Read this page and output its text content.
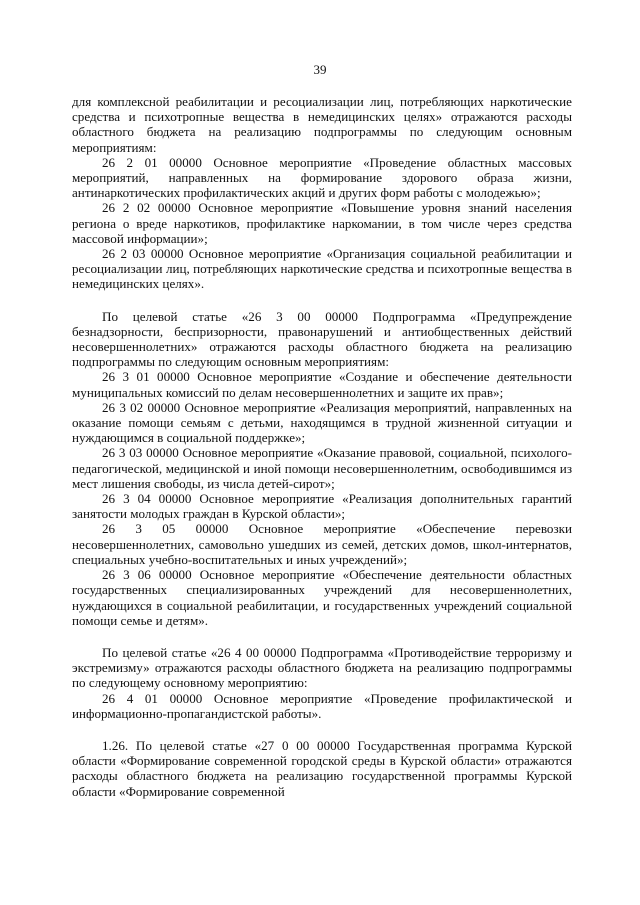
39

для комплексной реабилитации и ресоциализации лиц, потребляющих наркотические средства и психотропные вещества в немедицинских целях» отражаются расходы областного бюджета на реализацию подпрограммы по следующим основным мероприятиям:

26 2 01 00000 Основное мероприятие «Проведение областных массовых мероприятий, направленных на формирование здорового образа жизни, антинаркотических профилактических акций и других форм работы с молодежью»;

26 2 02 00000 Основное мероприятие «Повышение уровня знаний населения региона о вреде наркотиков, профилактике наркомании, в том числе через средства массовой информации»;

26 2 03 00000 Основное мероприятие «Организация социальной реабилитации и ресоциализации лиц, потребляющих наркотические средства и психотропные вещества в немедицинских целях».

По целевой статье «26 3 00 00000 Подпрограмма «Предупреждение безнадзорности, беспризорности, правонарушений и антиобщественных действий несовершеннолетних» отражаются расходы областного бюджета на реализацию подпрограммы по следующим основным мероприятиям:

26 3 01 00000 Основное мероприятие «Создание и обеспечение деятельности муниципальных комиссий по делам несовершеннолетних и защите их прав»;

26 3 02 00000 Основное мероприятие «Реализация мероприятий, направленных на оказание помощи семьям с детьми, находящимся в трудной жизненной ситуации и нуждающимся в социальной поддержке»;

26 3 03 00000 Основное мероприятие «Оказание правовой, социальной, психолого-педагогической, медицинской и иной помощи несовершеннолетним, освободившимся из мест лишения свободы, из числа детей-сирот»;

26 3 04 00000 Основное мероприятие «Реализация дополнительных гарантий занятости молодых граждан в Курской области»;

26 3 05 00000 Основное мероприятие «Обеспечение перевозки несовершеннолетних, самовольно ушедших из семей, детских домов, школ-интернатов, специальных учебно-воспитательных и иных учреждений»;

26 3 06 00000 Основное мероприятие «Обеспечение деятельности областных государственных специализированных учреждений для несовершеннолетних, нуждающихся в социальной реабилитации, и государственных учреждений социальной помощи семье и детям».

По целевой статье «26 4 00 00000 Подпрограмма «Противодействие терроризму и экстремизму» отражаются расходы областного бюджета на реализацию подпрограммы по следующему основному мероприятию:

26 4 01 00000 Основное мероприятие «Проведение профилактической и информационно-пропагандистской работы».

1.26. По целевой статье «27 0 00 00000 Государственная программа Курской области «Формирование современной городской среды в Курской области» отражаются расходы областного бюджета на реализацию государственной программы Курской области «Формирование современной
